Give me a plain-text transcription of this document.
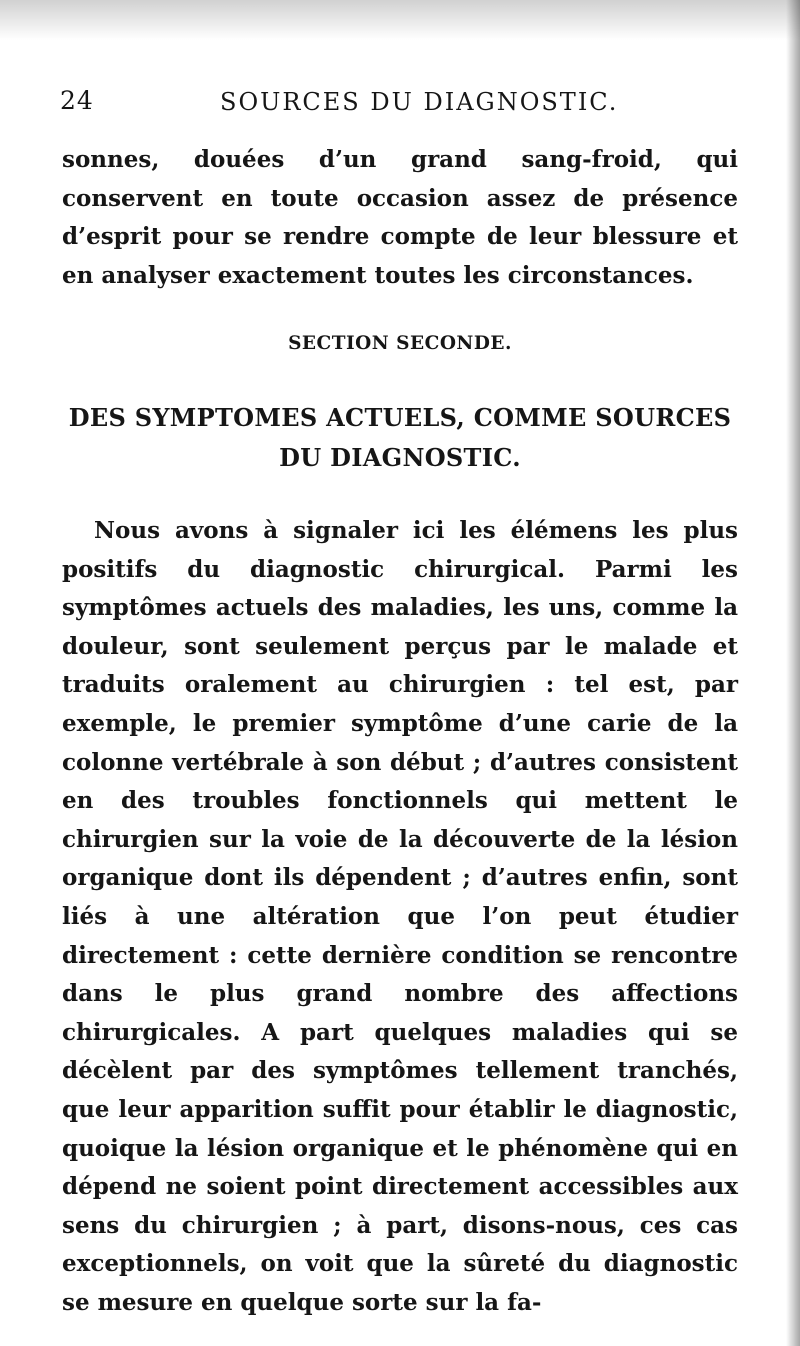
24	SOURCES DU DIAGNOSTIC.
sonnes, douées d’un grand sang-froid, qui conservent en toute occasion assez de présence d’esprit pour se rendre compte de leur blessure et en analyser exactement toutes les circonstances.
SECTION SECONDE.
DES SYMPTOMES ACTUELS, COMME SOURCES DU DIAGNOSTIC.

Nous avons à signaler ici les élémens les plus positifs du diagnostic chirurgical. Parmi les symptômes actuels des maladies, les uns, comme la douleur, sont seulement perçus par le malade et traduits oralement au chirurgien : tel est, par exemple, le premier symptôme d’une carie de la colonne vertébrale à son début ; d’autres consistent en des troubles fonctionnels qui mettent le chirurgien sur la voie de la découverte de la lésion organique dont ils dépendent ; d’autres enfin, sont liés à une altération que l’on peut étudier directement : cette dernière condition se rencontre dans le plus grand nombre des affections chirurgicales. A part quelques maladies qui se décèlent par des symptômes tellement tranchés, que leur apparition suffit pour établir le diagnostic, quoique la lésion organique et le phénomène qui en dépend ne soient point directement accessibles aux sens du chirurgien ; à part, disons-nous, ces cas exceptionnels, on voit que la sûreté du diagnostic se mesure en quelque sorte sur la fa-
